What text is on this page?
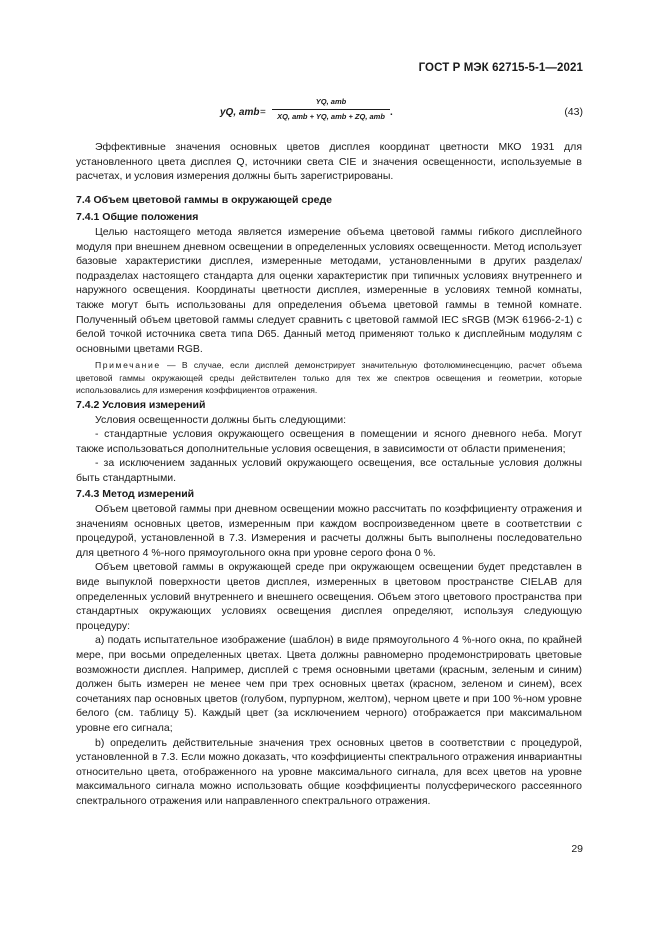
ГОСТ Р МЭК 62715-5-1—2021
yQ, amb =
YQ, amb
XQ, amb + YQ, amb + ZQ, amb .	(43)

Эффективные значения основных цветов дисплея координат цветности МКО 1931 для установленного цвета дисплея Q, источники света CIE и значения освещенности, используемые в расчетах, и условия измерения должны быть зарегистрированы.

7.4 Объем цветовой гаммы в окружающей среде

7.4.1 Общие положения

Целью настоящего метода является измерение объема цветовой гаммы гибкого дисплейного модуля при внешнем дневном освещении в определенных условиях освещенности. Метод использует базовые характеристики дисплея, измеренные методами, установленными в других разделах/подразделах настоящего стандарта для оценки характеристик при типичных условиях внутреннего и наружного освещения. Координаты цветности дисплея, измеренные в условиях темной комнаты, также могут быть использованы для определения объема цветовой гаммы в темной комнате. Полученный объем цветовой гаммы следует сравнить с цветовой гаммой IEC sRGB (МЭК 61966-2-1) с белой точкой источника света типа D65. Данный метод применяют только к дисплейным модулям с основными цветами RGB.

Примечание — В случае, если дисплей демонстрирует значительную фотолюминесценцию, расчет объема цветовой гаммы окружающей среды действителен только для тех же спектров освещения и геометрии, которые использовались для измерения коэффициентов отражения.

7.4.2 Условия измерений

Условия освещенности должны быть следующими:

- стандартные условия окружающего освещения в помещении и ясного дневного неба. Могут также использоваться дополнительные условия освещения, в зависимости от области применения;

- за исключением заданных условий окружающего освещения, все остальные условия должны быть стандартными.

7.4.3 Метод измерений

Объем цветовой гаммы при дневном освещении можно рассчитать по коэффициенту отражения и значениям основных цветов, измеренным при каждом воспроизведенном цвете в соответствии с процедурой, установленной в 7.3. Измерения и расчеты должны быть выполнены последовательно для цветного 4 %-ного прямоугольного окна при уровне серого фона 0 %.

Объем цветовой гаммы в окружающей среде при окружающем освещении будет представлен в виде выпуклой поверхности цветов дисплея, измеренных в цветовом пространстве CIELAB для определенных условий внутреннего и внешнего освещения. Объем этого цветового пространства при стандартных окружающих условиях освещения дисплея определяют, используя следующую процедуру:

a) подать испытательное изображение (шаблон) в виде прямоугольного 4 %-ного окна, по крайней мере, при восьми определенных цветах. Цвета должны равномерно продемонстрировать цветовые возможности дисплея. Например, дисплей с тремя основными цветами (красным, зеленым и синим) должен быть измерен не менее чем при трех основных цветах (красном, зеленом и синем), всех сочетаниях пар основных цветов (голубом, пурпурном, желтом), черном цвете и при 100 %-ном уровне белого (см. таблицу 5). Каждый цвет (за исключением черного) отображается при максимальном уровне его сигнала;

b) определить действительные значения трех основных цветов в соответствии с процедурой, установленной в 7.3. Если можно доказать, что коэффициенты спектрального отражения инвариантны относительно цвета, отображенного на уровне максимального сигнала, для всех цветов на уровне максимального сигнала можно использовать общие коэффициенты полусферического рассеянного спектрального отражения или направленного спектрального отражения.

29
